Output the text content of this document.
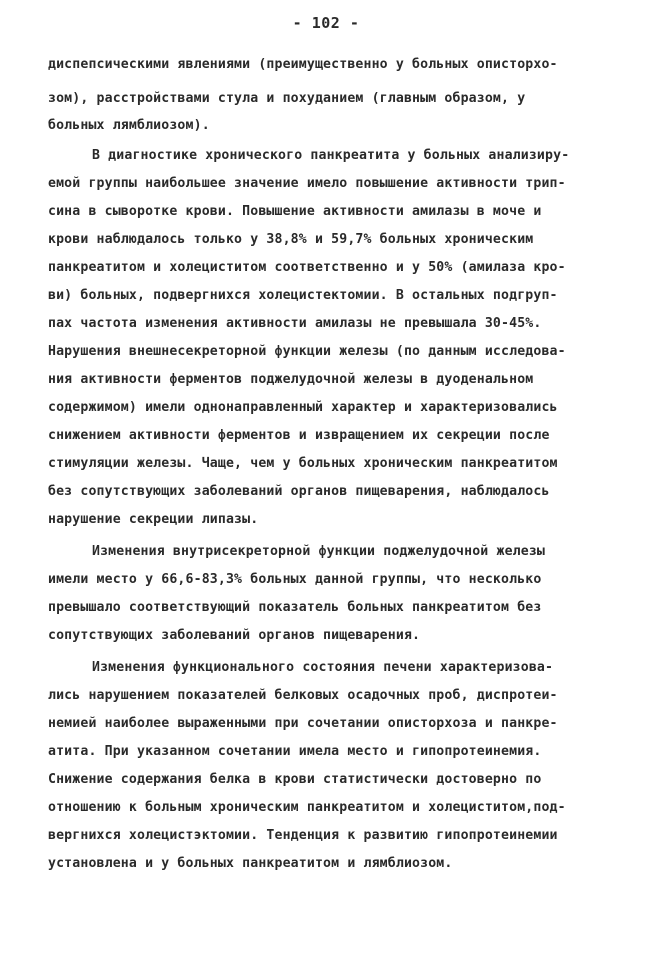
- 102 -
диспепсическими явлениями (преимущественно у больных описторхо-
зом), расстройствами стула и похуданием (главным образом, у
больных лямблиозом).
В диагностике хронического панкреатита у больных анализиру-
емой группы наибольшее значение имело повышение активности трип-
сина в сыворотке крови. Повышение активности амилазы в моче и
крови наблюдалось только у 38,8% и 59,7% больных хроническим
панкреатитом и холециститом соответственно и у 50% (амилаза кро-
ви) больных, подвергнихся холецистектомии. В остальных подгруп-
пах частота изменения активности амилазы не превышала 30-45%.
Нарушения внешнесекреторной функции железы (по данным исследова-
ния активности ферментов поджелудочной железы в дуоденальном
содержимом) имели однонаправленный характер и характеризовались
снижением активности ферментов и извращением их секреции после
стимуляции железы. Чаще, чем у больных хроническим панкреатитом
без сопутствующих заболеваний органов пищеварения, наблюдалось
нарушение секреции липазы.
Изменения внутрисекреторной функции поджелудочной железы
имели место у 66,6-83,3% больных данной группы, что несколько
превышало соответствующий показатель больных панкреатитом без
сопутствующих заболеваний органов пищеварения.
Изменения функционального состояния печени характеризова-
лись нарушением показателей белковых осадочных проб, диспротеи-
немией наиболее выраженными при сочетании описторхоза и панкре-
атита. При указанном сочетании имела место и гипопротеинемия.
Снижение содержания белка в крови статистически достоверно по
отношению к больным хроническим панкреатитом и холециститом,под-
вергнихся холецистэктомии. Тенденция к развитию гипопротеинемии
установлена и у больных панкреатитом и лямблиозом.
